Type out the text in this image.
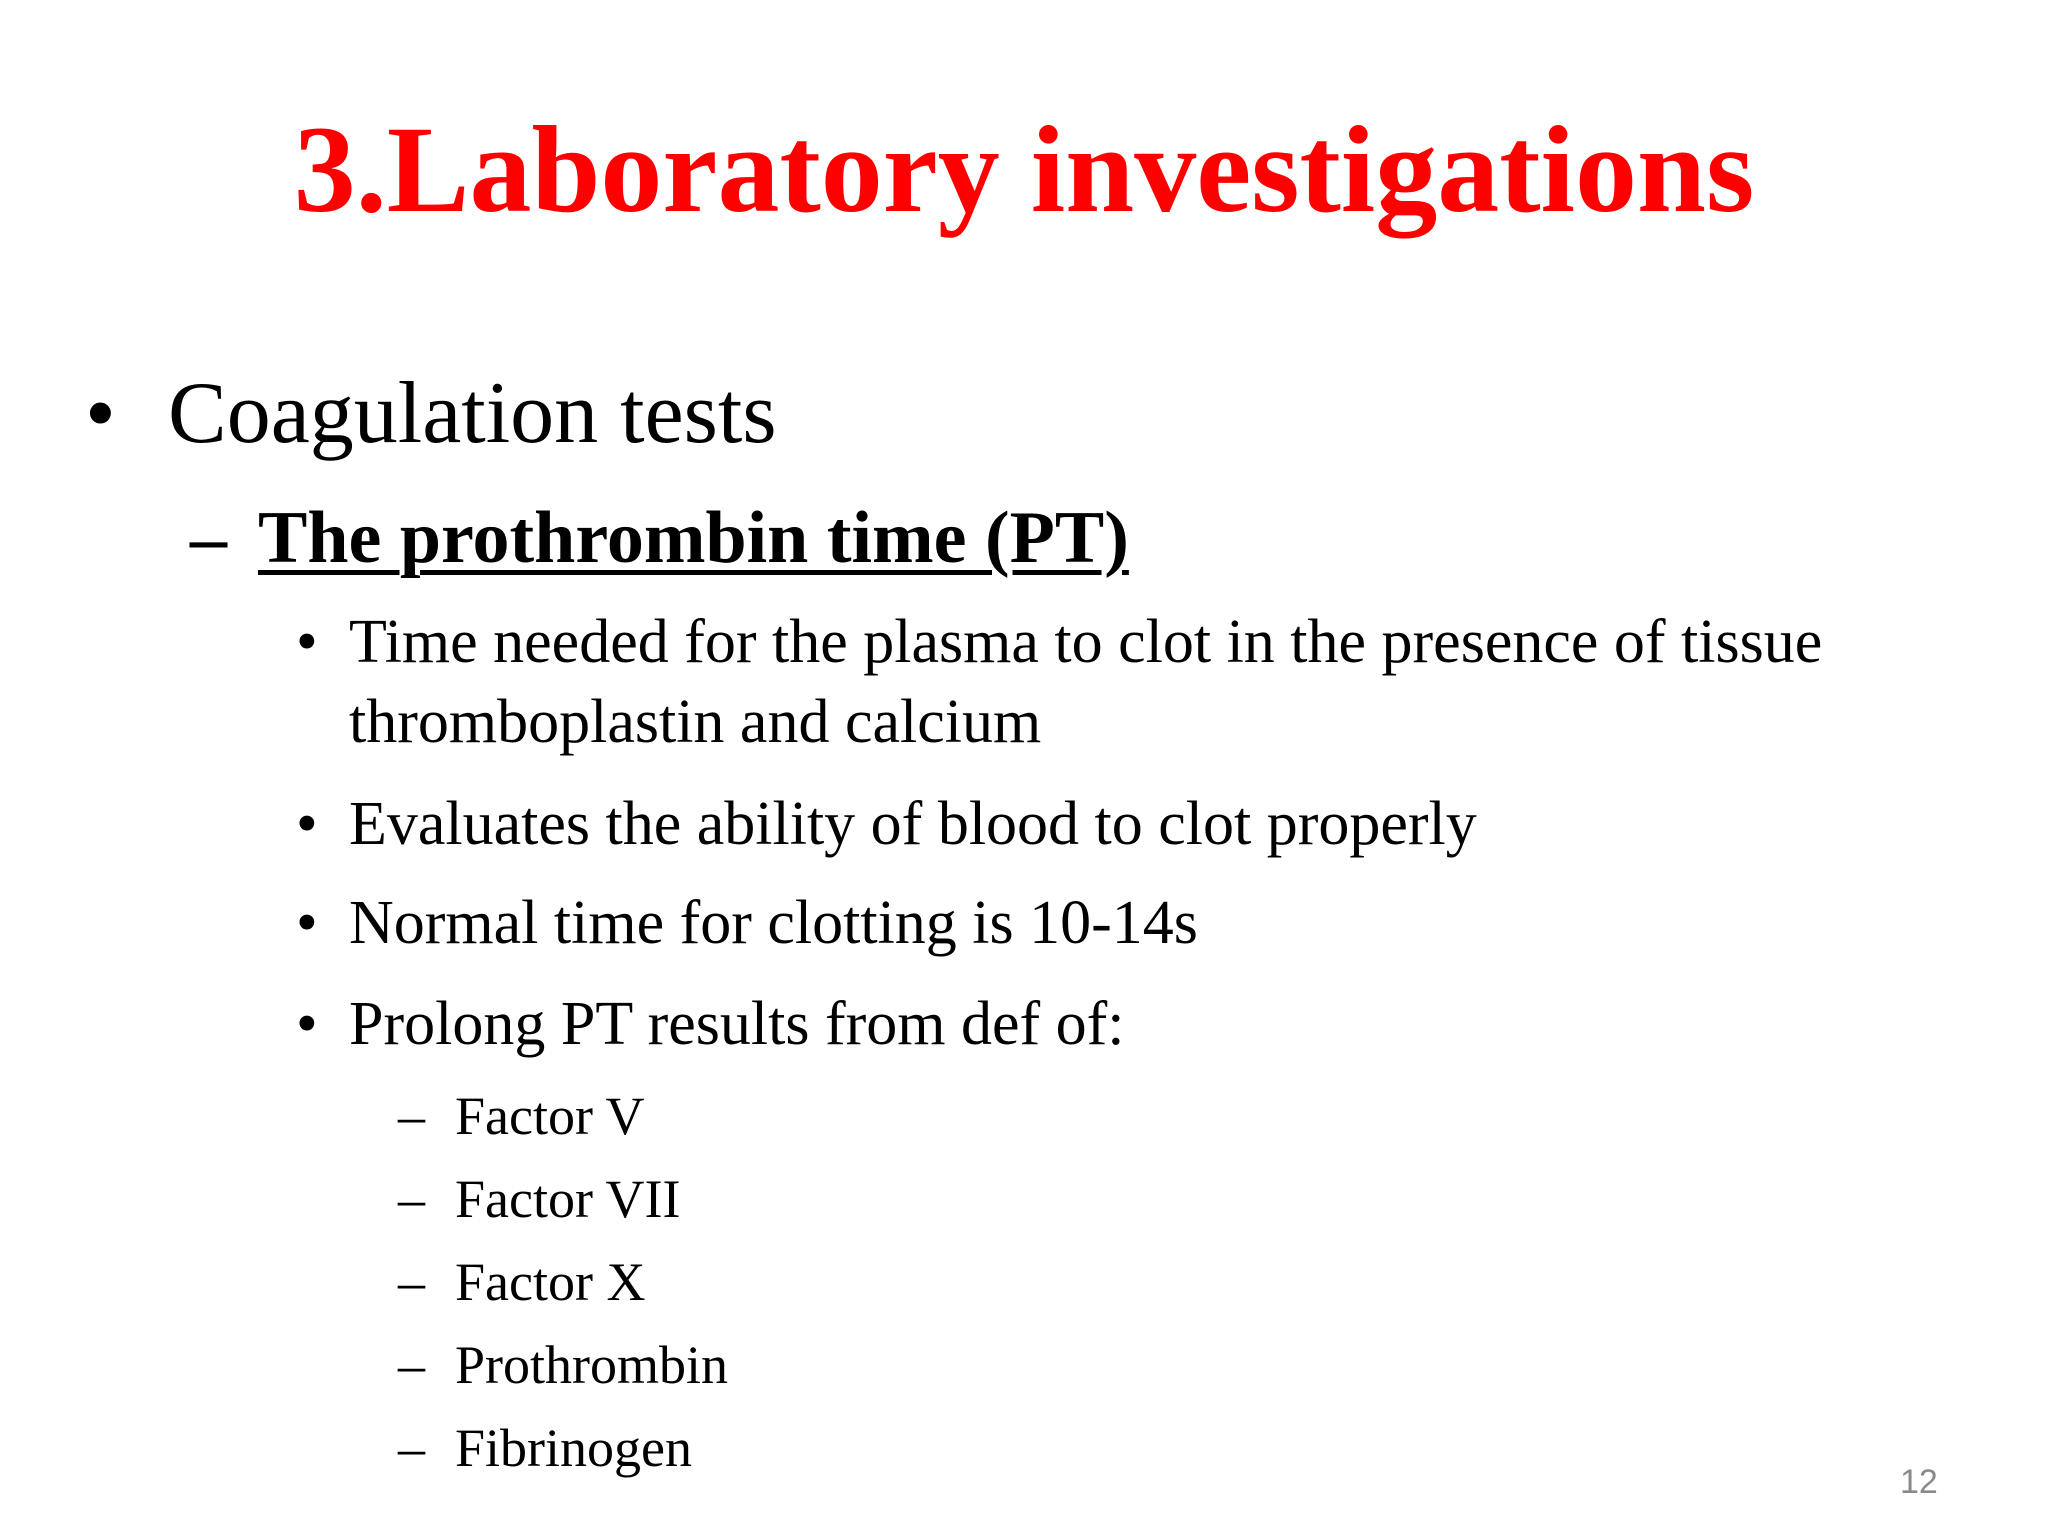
3.Laboratory investigations
• Coagulation tests
– The prothrombin time (PT)
• Time needed for the plasma to clot in the presence of tissue
thromboplastin and calcium
• Evaluates the ability of blood to clot properly
• Normal time for clotting is 10-14s
• Prolong PT results from def of:
– Factor V
– Factor VII
– Factor X
– Prothrombin
– Fibrinogen
12
